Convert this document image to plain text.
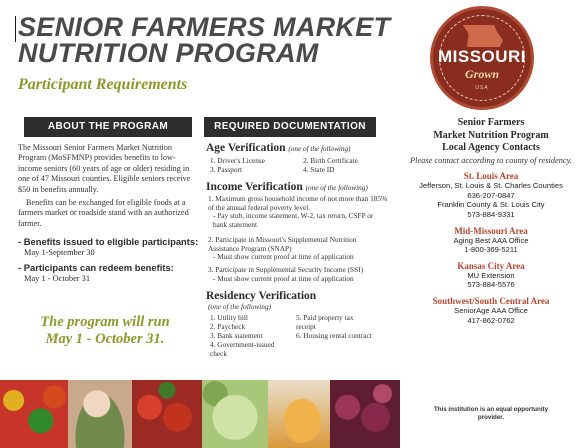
SENIOR FARMERS MARKET
NUTRITION PROGRAM
Participant Requirements
MISSOURI
Grown
USA
ABOUT THE PROGRAM

The Missouri Senior Farmers Market Nutrition Program (MoSFMNP) provides benefits to low-income seniors (60 years of age or older) residing in one of 47 Missouri counties. Eligible seniors receive $50 in benefits annually.

Benefits can be exchanged for eligible foods at a farmers market or roadside stand with an authorized farmer.

- Benefits issued to eligible participants:
May 1-September 30
- Participants can redeem benefits:
May 1 - October 31
The program will run
May 1 - October 31.
REQUIRED DOCUMENTATION
Age Verification (one of the following)
1. Driver's License	2. Birth Certificate
3. Passport	4. State ID
Income Verification (one of the following)
1. Maximum gross household income of not more than 185% of the annual federal poverty level.
- Pay stub, income statement, W-2, tax return, CSFP or bank statement
2. Participate in Missouri's Supplemental Nutrition Assistance Program (SNAP)
- Must show current proof at time of application
3. Participate in Supplemental Security Income (SSI)
- Must show current proof at time of application
Residency Verification
(one of the following)
1. Utility bill
2. Paycheck
3. Bank statement
4. Government-issued check
5. Paid property tax receipt
6. Housing rental contract
Senior Farmers
Market Nutrition Program
Local Agency Contacts
Please contact according to county of residency.
St. Louis Area
Jefferson, St. Louis & St. Charles Counties
636-207-0847
Franklin County & St. Louis City
573-884-9331
Mid-Missouri Area
Aging Best AAA Office
1-800-369-5211
Kansas City Area
MU Extension
573-884-5576
Southwest/South Central Area
SeniorAge AAA Office
417-862-0762
This institution is an equal opportunity
provider.
